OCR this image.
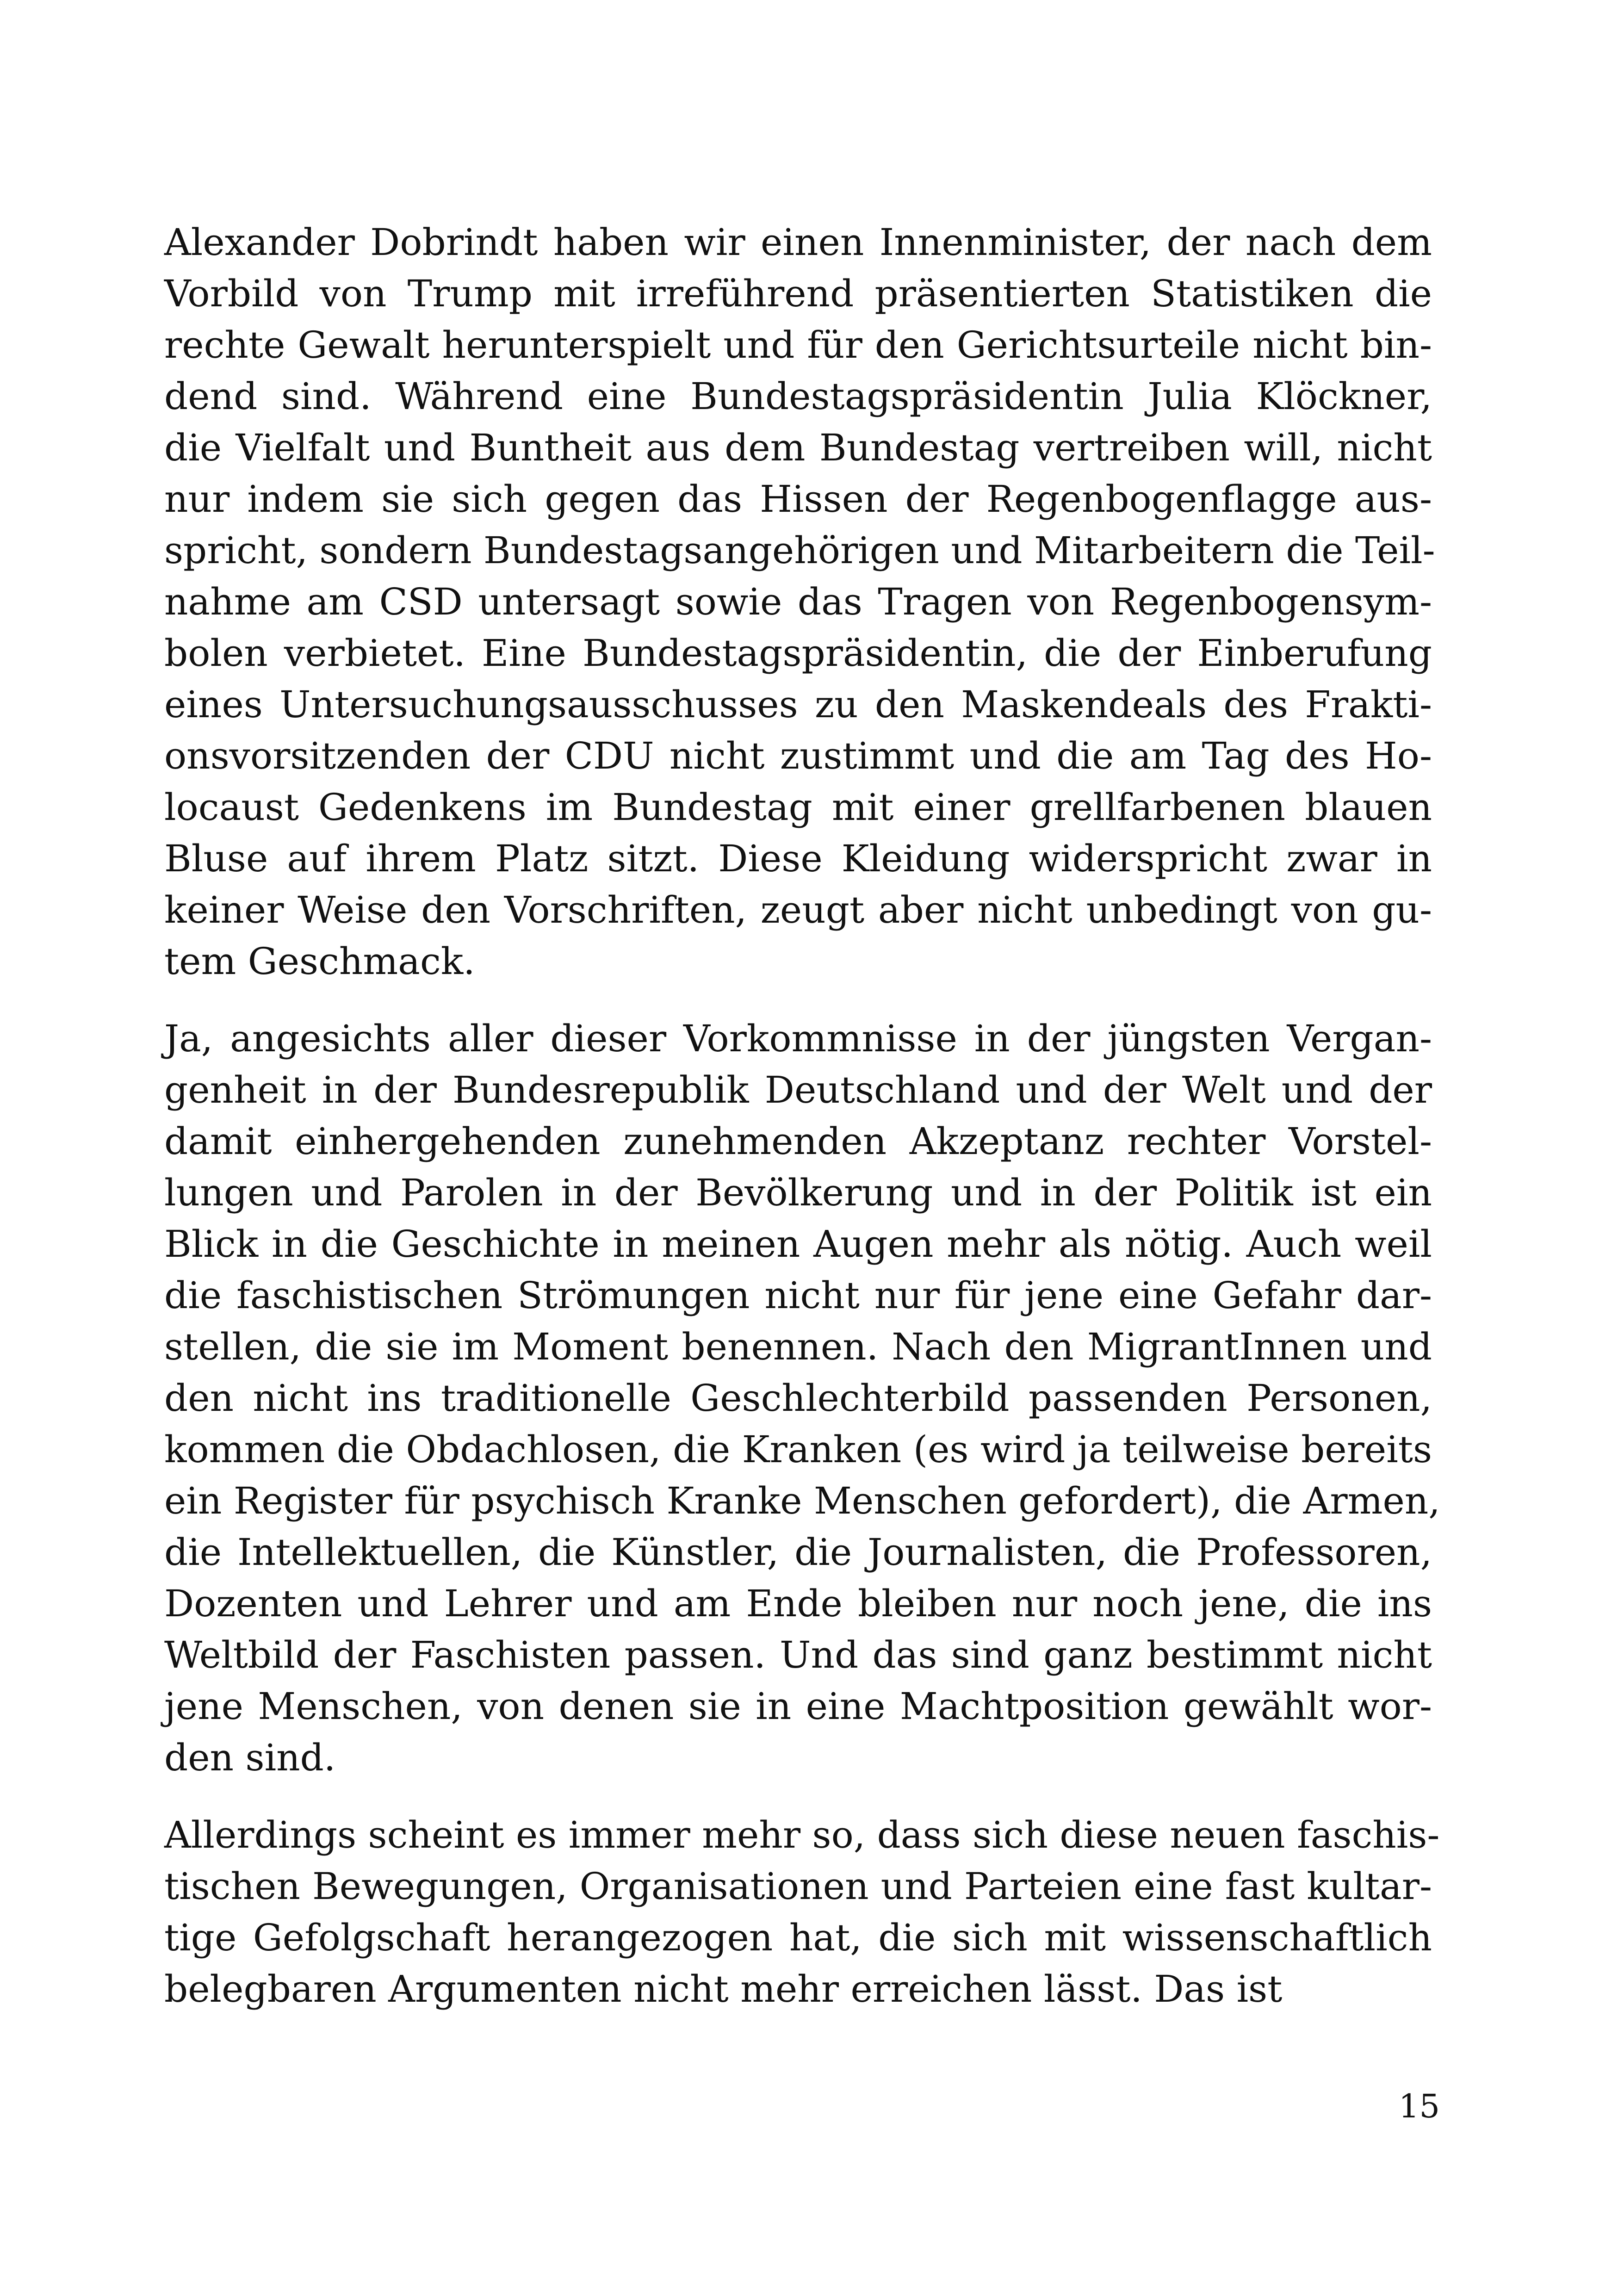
Alexander Dobrindt haben wir einen Innenminister, der nach dem
Vorbild von Trump mit irreführend präsentierten Statistiken die
rechte Gewalt herunterspielt und für den Gerichtsurteile nicht bin-
dend sind. Während eine Bundestagspräsidentin Julia Klöckner,
die Vielfalt und Buntheit aus dem Bundestag vertreiben will, nicht
nur indem sie sich gegen das Hissen der Regenbogenflagge aus-
spricht, sondern Bundestagsangehörigen und Mitarbeitern die Teil-
nahme am CSD untersagt sowie das Tragen von Regenbogensym-
bolen verbietet. Eine Bundestagspräsidentin, die der Einberufung
eines Untersuchungsausschusses zu den Maskendeals des Frakti-
onsvorsitzenden der CDU nicht zustimmt und die am Tag des Ho-
locaust Gedenkens im Bundestag mit einer grellfarbenen blauen
Bluse auf ihrem Platz sitzt. Diese Kleidung widerspricht zwar in
keiner Weise den Vorschriften, zeugt aber nicht unbedingt von gu-
tem Geschmack.

Ja, angesichts aller dieser Vorkommnisse in der jüngsten Vergan-
genheit in der Bundesrepublik Deutschland und der Welt und der
damit einhergehenden zunehmenden Akzeptanz rechter Vorstel-
lungen und Parolen in der Bevölkerung und in der Politik ist ein
Blick in die Geschichte in meinen Augen mehr als nötig. Auch weil
die faschistischen Strömungen nicht nur für jene eine Gefahr dar-
stellen, die sie im Moment benennen. Nach den MigrantInnen und
den nicht ins traditionelle Geschlechterbild passenden Personen,
kommen die Obdachlosen, die Kranken (es wird ja teilweise bereits
ein Register für psychisch Kranke Menschen gefordert), die Armen,
die Intellektuellen, die Künstler, die Journalisten, die Professoren,
Dozenten und Lehrer und am Ende bleiben nur noch jene, die ins
Weltbild der Faschisten passen. Und das sind ganz bestimmt nicht
jene Menschen, von denen sie in eine Machtposition gewählt wor-
den sind.

Allerdings scheint es immer mehr so, dass sich diese neuen faschis-
tischen Bewegungen, Organisationen und Parteien eine fast kultar-
tige Gefolgschaft herangezogen hat, die sich mit wissenschaftlich
belegbaren Argumenten nicht mehr erreichen lässt. Das ist

15
